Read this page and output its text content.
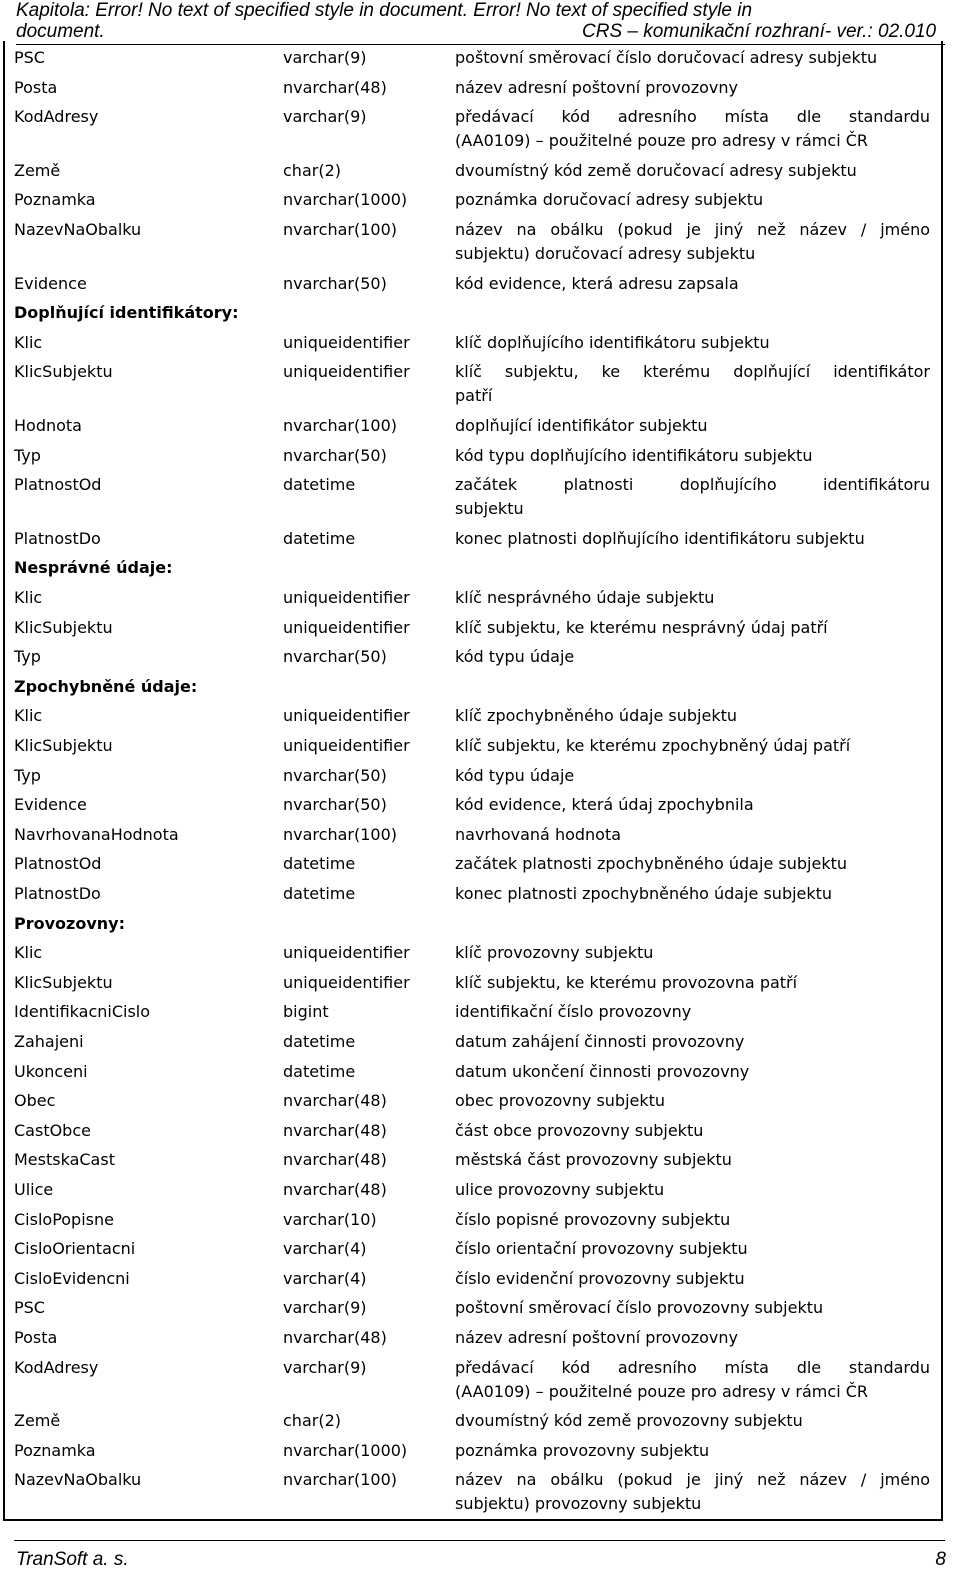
Kapitola: Error! No text of specified style in document. Error! No text of specified style in
document.	CRS – komunikační rozhraní- ver.: 02.010
PSC	varchar(9)	poštovní směrovací číslo doručovací adresy subjektu
Posta	nvarchar(48)	název adresní poštovní provozovny
KodAdresy	varchar(9)	předávací kód adresního místa dle standardu
(AA0109) – použitelné pouze pro adresy v rámci ČR
Země	char(2)	dvoumístný kód země doručovací adresy subjektu
Poznamka	nvarchar(1000)	poznámka doručovací adresy subjektu
NazevNaObalku	nvarchar(100)	název na obálku (pokud je jiný než název / jméno
subjektu) doručovací adresy subjektu
Evidence	nvarchar(50)	kód evidence, která adresu zapsala
Doplňující identifikátory:
Klic	uniqueidentifier	klíč doplňujícího identifikátoru subjektu
KlicSubjektu	uniqueidentifier	klíč subjektu, ke kterému doplňující identifikátor
patří
Hodnota	nvarchar(100)	doplňující identifikátor subjektu
Typ	nvarchar(50)	kód typu doplňujícího identifikátoru subjektu
PlatnostOd	datetime	začátek platnosti doplňujícího identifikátoru
subjektu
PlatnostDo	datetime	konec platnosti doplňujícího identifikátoru subjektu
Nesprávné údaje:
Klic	uniqueidentifier	klíč nesprávného údaje subjektu
KlicSubjektu	uniqueidentifier	klíč subjektu, ke kterému nesprávný údaj patří
Typ	nvarchar(50)	kód typu údaje
Zpochybněné údaje:
Klic	uniqueidentifier	klíč zpochybněného údaje subjektu
KlicSubjektu	uniqueidentifier	klíč subjektu, ke kterému zpochybněný údaj patří
Typ	nvarchar(50)	kód typu údaje
Evidence	nvarchar(50)	kód evidence, která údaj zpochybnila
NavrhovanaHodnota	nvarchar(100)	navrhovaná hodnota
PlatnostOd	datetime	začátek platnosti zpochybněného údaje subjektu
PlatnostDo	datetime	konec platnosti zpochybněného údaje subjektu
Provozovny:
Klic	uniqueidentifier	klíč provozovny subjektu
KlicSubjektu	uniqueidentifier	klíč subjektu, ke kterému provozovna patří
IdentifikacniCislo	bigint	identifikační číslo provozovny
Zahajeni	datetime	datum zahájení činnosti provozovny
Ukonceni	datetime	datum ukončení činnosti provozovny
Obec	nvarchar(48)	obec provozovny subjektu
CastObce	nvarchar(48)	část obce provozovny subjektu
MestskaCast	nvarchar(48)	městská část provozovny subjektu
Ulice	nvarchar(48)	ulice provozovny subjektu
CisloPopisne	varchar(10)	číslo popisné provozovny subjektu
CisloOrientacni	varchar(4)	číslo orientační provozovny subjektu
CisloEvidencni	varchar(4)	číslo evidenční provozovny subjektu
PSC	varchar(9)	poštovní směrovací číslo provozovny subjektu
Posta	nvarchar(48)	název adresní poštovní provozovny
KodAdresy	varchar(9)	předávací kód adresního místa dle standardu
(AA0109) – použitelné pouze pro adresy v rámci ČR
Země	char(2)	dvoumístný kód země provozovny subjektu
Poznamka	nvarchar(1000)	poznámka provozovny subjektu
NazevNaObalku	nvarchar(100)	název na obálku (pokud je jiný než název / jméno
subjektu) provozovny subjektu
TranSoft a. s.	8
